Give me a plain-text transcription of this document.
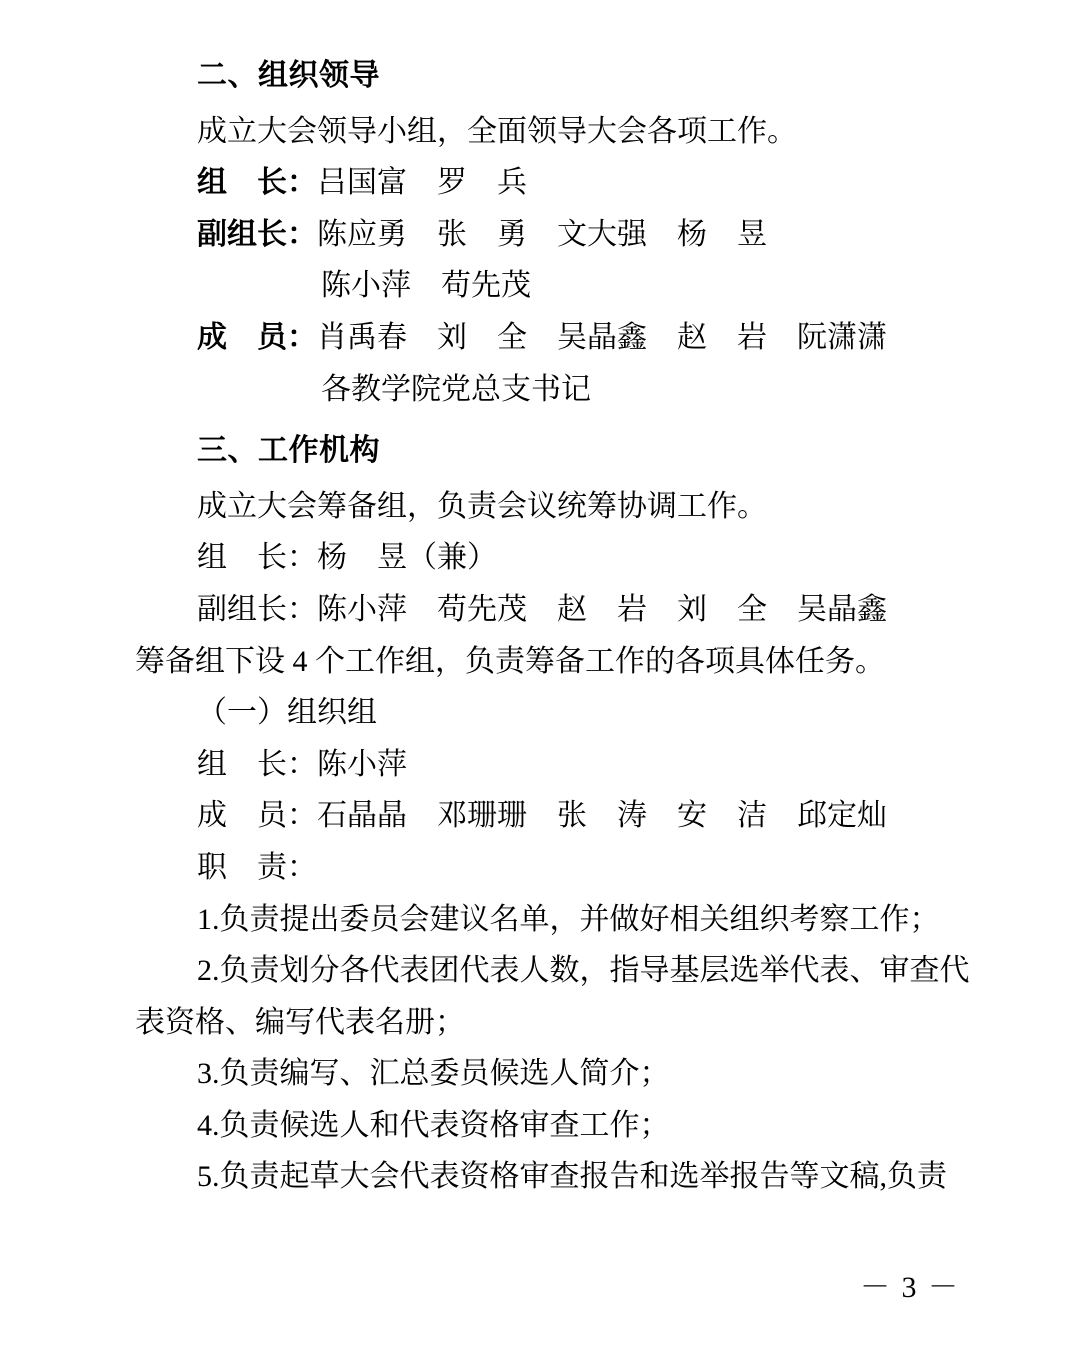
二、组织领导
成立大会领导小组，全面领导大会各项工作。
组　长： 吕国富　罗　兵
副组长： 陈应勇　张　勇　文大强　杨　昱
陈小萍　苟先茂
成　员： 肖禹春　刘　全　吴晶鑫　赵　岩　阮潇潇
各教学院党总支书记
三、工作机构
成立大会筹备组，负责会议统筹协调工作。
组　长： 杨　昱（兼）
副组长： 陈小萍　苟先茂　赵　岩　刘　全　吴晶鑫
筹备组下设 4 个工作组，负责筹备工作的各项具体任务。
（一）组织组
组　长： 陈小萍
成　员： 石晶晶　邓珊珊　张　涛　安　洁　邱定灿
职　责：
1.负责提出委员会建议名单，并做好相关组织考察工作；
2.负责划分各代表团代表人数，指导基层选举代表、审查代
表资格、编写代表名册；
3.负责编写、汇总委员候选人简介；
4.负责候选人和代表资格审查工作；
5.负责起草大会代表资格审查报告和选举报告等文稿,负责
－ 3 －
